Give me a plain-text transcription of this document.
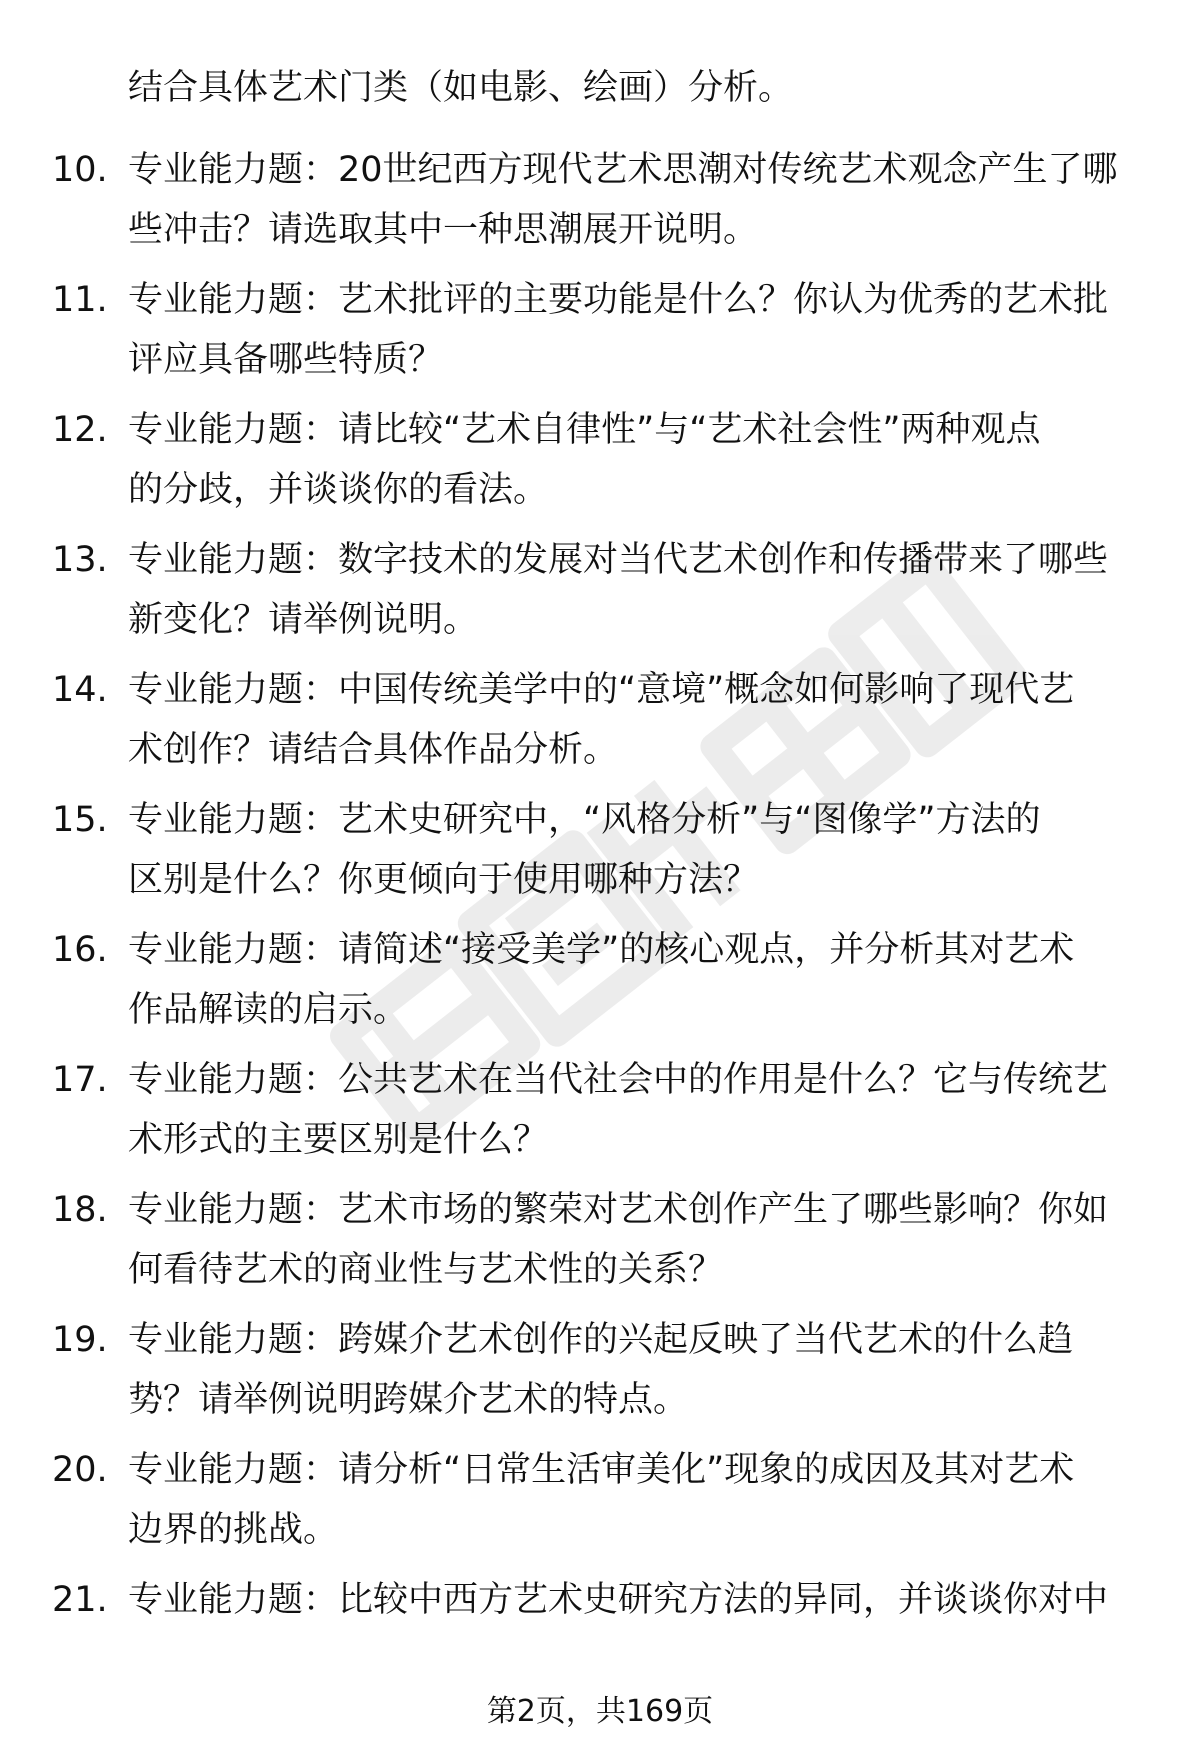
结合具体艺术门类（如电影、绘画）分析。
10. 专业能力题：20世纪西方现代艺术思潮对传统艺术观念产生了哪
些冲击？请选取其中一种思潮展开说明。
11. 专业能力题：艺术批评的主要功能是什么？你认为优秀的艺术批
评应具备哪些特质？
12. 专业能力题：请比较“艺术自律性”与“艺术社会性”两种观点
的分歧，并谈谈你的看法。
13. 专业能力题：数字技术的发展对当代艺术创作和传播带来了哪些
新变化？请举例说明。
14. 专业能力题：中国传统美学中的“意境”概念如何影响了现代艺
术创作？请结合具体作品分析。
15. 专业能力题：艺术史研究中，“风格分析”与“图像学”方法的
区别是什么？你更倾向于使用哪种方法？
16. 专业能力题：请简述“接受美学”的核心观点，并分析其对艺术
作品解读的启示。
17. 专业能力题：公共艺术在当代社会中的作用是什么？它与传统艺
术形式的主要区别是什么？
18. 专业能力题：艺术市场的繁荣对艺术创作产生了哪些影响？你如
何看待艺术的商业性与艺术性的关系？
19. 专业能力题：跨媒介艺术创作的兴起反映了当代艺术的什么趋
势？请举例说明跨媒介艺术的特点。
20. 专业能力题：请分析“日常生活审美化”现象的成因及其对艺术
边界的挑战。
21. 专业能力题：比较中西方艺术史研究方法的异同，并谈谈你对中
第2页，共169页
